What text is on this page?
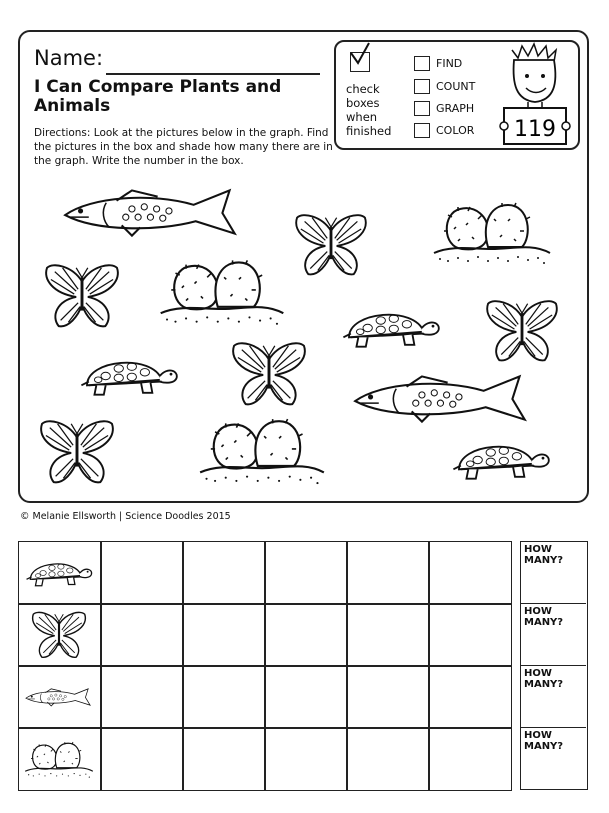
Name:
I Can Compare Plants and Animals
Directions: Look at the pictures below in the graph. Find the pictures in the box and shade how many there are in the graph. Write the number in the box.
check boxes when finished
FIND
COUNT
GRAPH
COLOR 119
© Melanie Ellsworth | Science Doodles 2015
HOW MANY?
HOW MANY?
HOW MANY?
HOW MANY?
